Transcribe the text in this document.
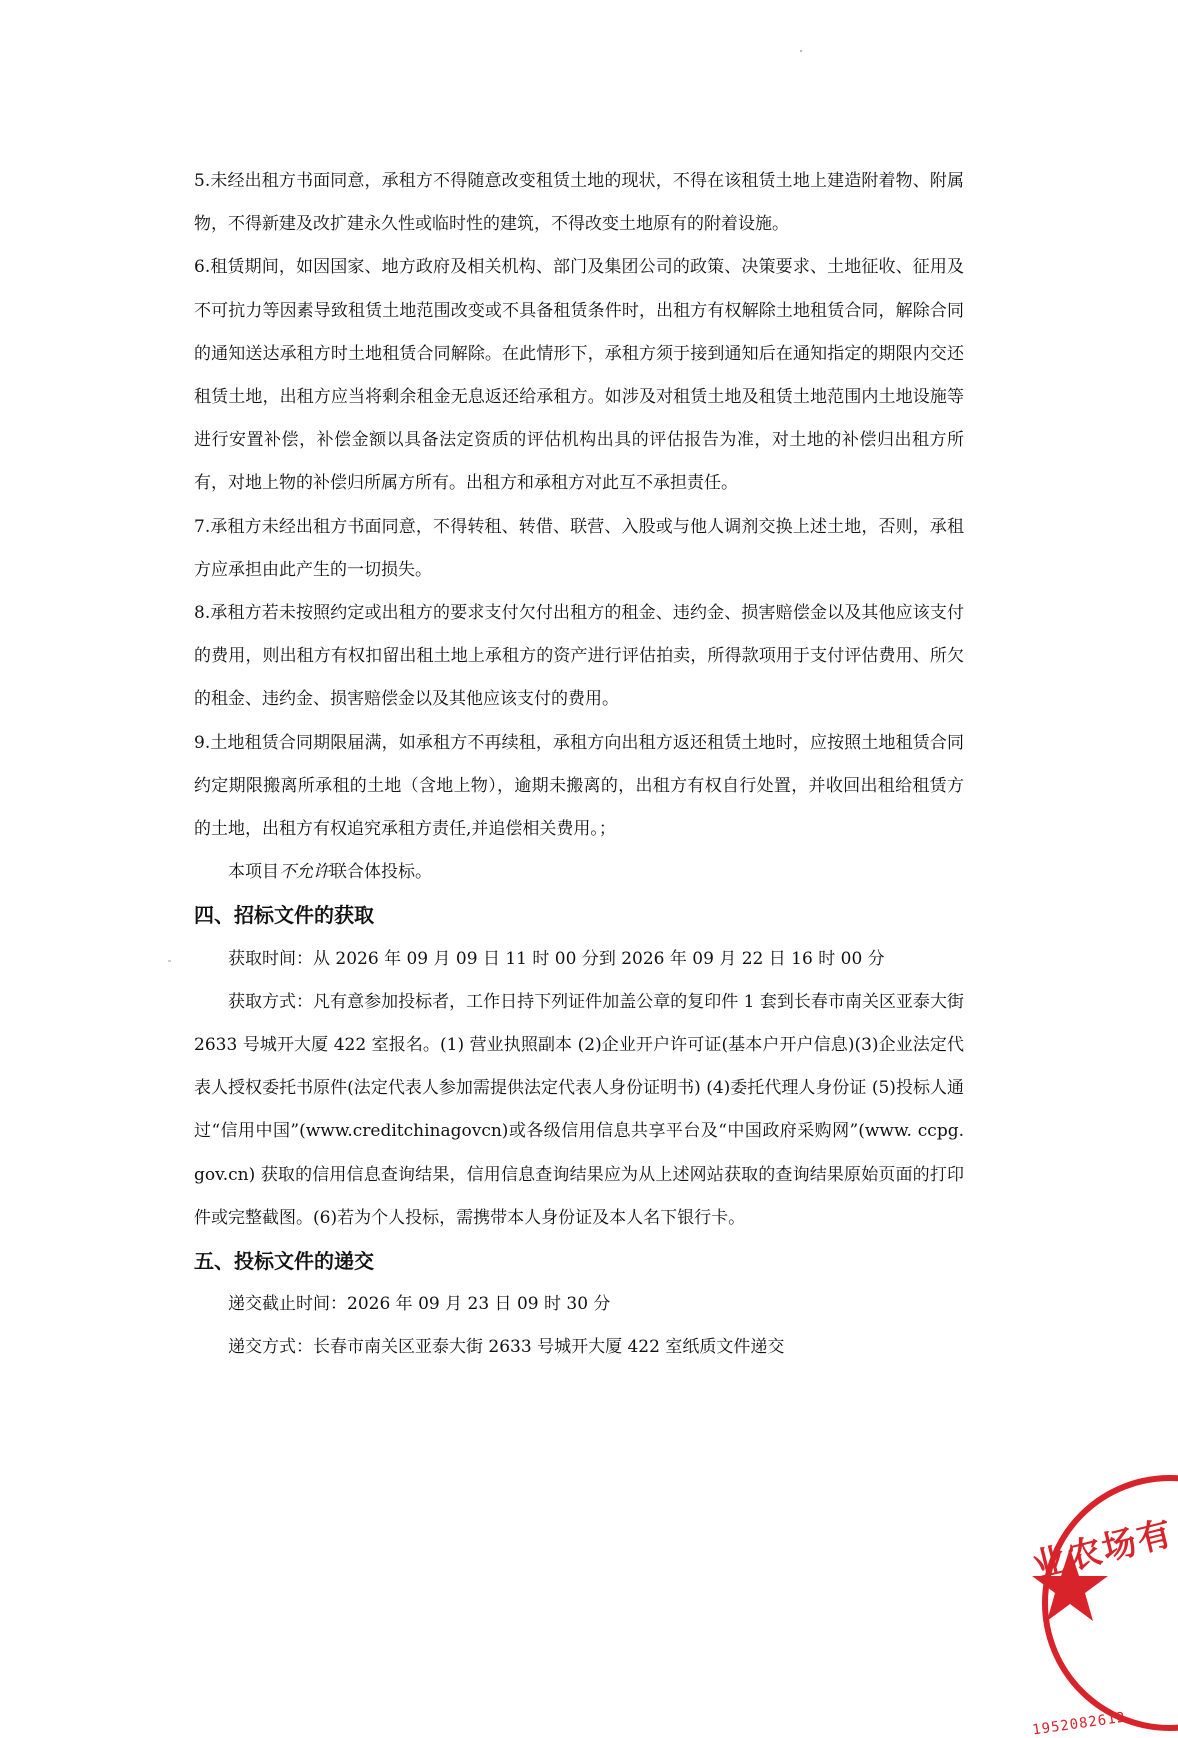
5.未经出租方书面同意，承租方不得随意改变租赁土地的现状，不得在该租赁土地上建造附着物、附属物，不得新建及改扩建永久性或临时性的建筑，不得改变土地原有的附着设施。

6.租赁期间，如因国家、地方政府及相关机构、部门及集团公司的政策、决策要求、土地征收、征用及不可抗力等因素导致租赁土地范围改变或不具备租赁条件时，出租方有权解除土地租赁合同，解除合同的通知送达承租方时土地租赁合同解除。在此情形下，承租方须于接到通知后在通知指定的期限内交还租赁土地，出租方应当将剩余租金无息返还给承租方。如涉及对租赁土地及租赁土地范围内土地设施等进行安置补偿，补偿金额以具备法定资质的评估机构出具的评估报告为准，对土地的补偿归出租方所有，对地上物的补偿归所属方所有。出租方和承租方对此互不承担责任。

7.承租方未经出租方书面同意，不得转租、转借、联营、入股或与他人调剂交换上述土地，否则，承租方应承担由此产生的一切损失。

8.承租方若未按照约定或出租方的要求支付欠付出租方的租金、违约金、损害赔偿金以及其他应该支付的费用，则出租方有权扣留出租土地上承租方的资产进行评估拍卖，所得款项用于支付评估费用、所欠的租金、违约金、损害赔偿金以及其他应该支付的费用。

9.土地租赁合同期限届满，如承租方不再续租，承租方向出租方返还租赁土地时，应按照土地租赁合同约定期限搬离所承租的土地（含地上物），逾期未搬离的，出租方有权自行处置，并收回出租给租赁方的土地，出租方有权追究承租方责任,并追偿相关费用。；

本项目不允许联合体投标。

四、招标文件的获取

获取时间：从 2026 年 09 月 09 日 11 时 00 分到 2026 年 09 月 22 日 16 时 00 分

获取方式：凡有意参加投标者，工作日持下列证件加盖公章的复印件 1 套到长春市南关区亚泰大街 2633 号城开大厦 422 室报名。(1) 营业执照副本 (2)企业开户许可证(基本户开户信息)(3)企业法定代表人授权委托书原件(法定代表人参加需提供法定代表人身份证明书) (4)委托代理人身份证 (5)投标人通过“信用中国”(www.creditchinagovcn)或各级信用信息共享平台及“中国政府采购网”(www. ccpg. gov.cn) 获取的信用信息查询结果，信用信息查询结果应为从上述网站获取的查询结果原始页面的打印件或完整截图。(6)若为个人投标，需携带本人身份证及本人名下银行卡。

五、投标文件的递交

递交截止时间：2026 年 09 月 23 日 09 时 30 分

递交方式：长春市南关区亚泰大街 2633 号城开大厦 422 室纸质文件递交

业农场有
1952082612
